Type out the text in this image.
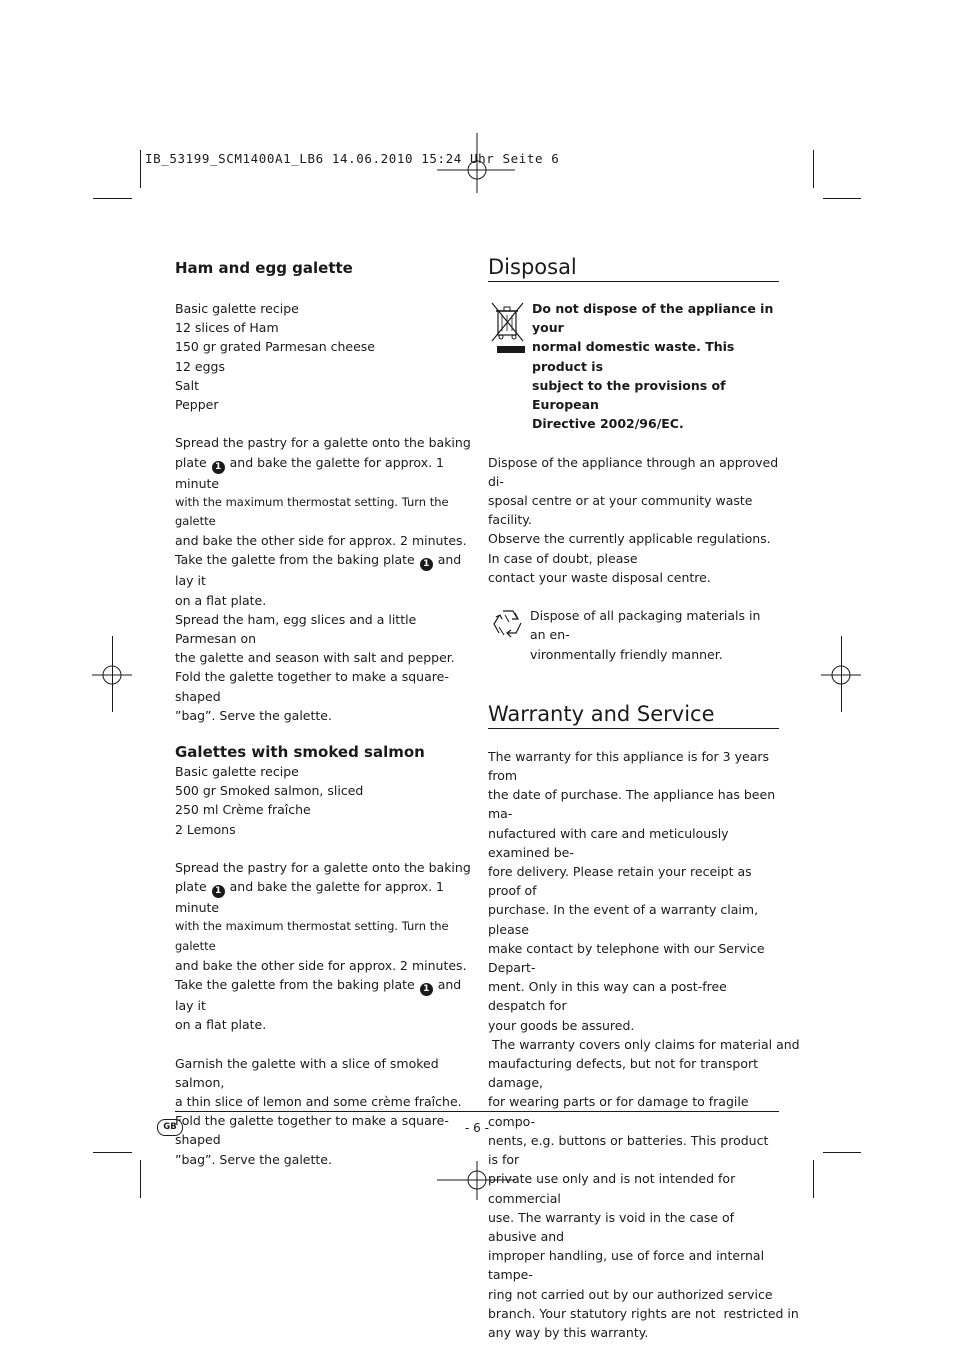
IB_53199_SCM1400A1_LB6 14.06.2010 15:24 Uhr Seite 6
Ham and egg galette

Basic galette recipe

12 slices of Ham

150 gr grated Parmesan cheese

12 eggs

Salt

Pepper

Spread the pastry for a galette onto the baking

plate 1 and bake the galette for approx. 1 minute

with the maximum thermostat setting. Turn the galette

and bake the other side for approx. 2 minutes.

Take the galette from the baking plate 1 and lay it

on a flat plate.

Spread the ham, egg slices and a little Parmesan on

the galette and season with salt and pepper.

Fold the galette together to make a square-shaped

”bag”. Serve the galette.

Galettes with smoked salmon

Basic galette recipe

500 gr Smoked salmon, sliced

250 ml Crème fraîche

2 Lemons

Spread the pastry for a galette onto the baking

plate 1 and bake the galette for approx. 1 minute

with the maximum thermostat setting. Turn the galette

and bake the other side for approx. 2 minutes.

Take the galette from the baking plate 1 and lay it

on a flat plate.

Garnish the galette with a slice of smoked salmon,

a thin slice of lemon and some crème fraîche.

Fold the galette together to make a square-shaped

”bag”. Serve the galette.

Disposal

Do not dispose of the appliance in your

normal domestic waste. This product is

subject to the provisions of European

Directive 2002/96/EC.

Dispose of the appliance through an approved di-

sposal centre or at your community waste facility.

Observe the currently applicable regulations.

In case of doubt, please

contact your waste disposal centre.

Dispose of all packaging materials in an en-

vironmentally friendly manner.

Warranty and Service

The warranty for this appliance is for 3 years from

the date of purchase. The appliance has been ma-

nufactured with care and meticulously examined be-

fore delivery. Please retain your receipt as proof of

purchase. In the event of a warranty claim, please

make contact by telephone with our Service Depart-

ment. Only in this way can a post-free despatch for

your goods be assured.

The warranty covers only claims for material and

maufacturing defects, but not for transport damage,

for wearing parts or for damage to fragile compo-

nents, e.g. buttons or batteries. This product is for

private use only and is not intended for commercial

use. The warranty is void in the case of abusive and

improper handling, use of force and internal tampe-

ring not carried out by our authorized service

branch. Your statutory rights are not  restricted in

any way by this warranty.

GB	- 6 -
